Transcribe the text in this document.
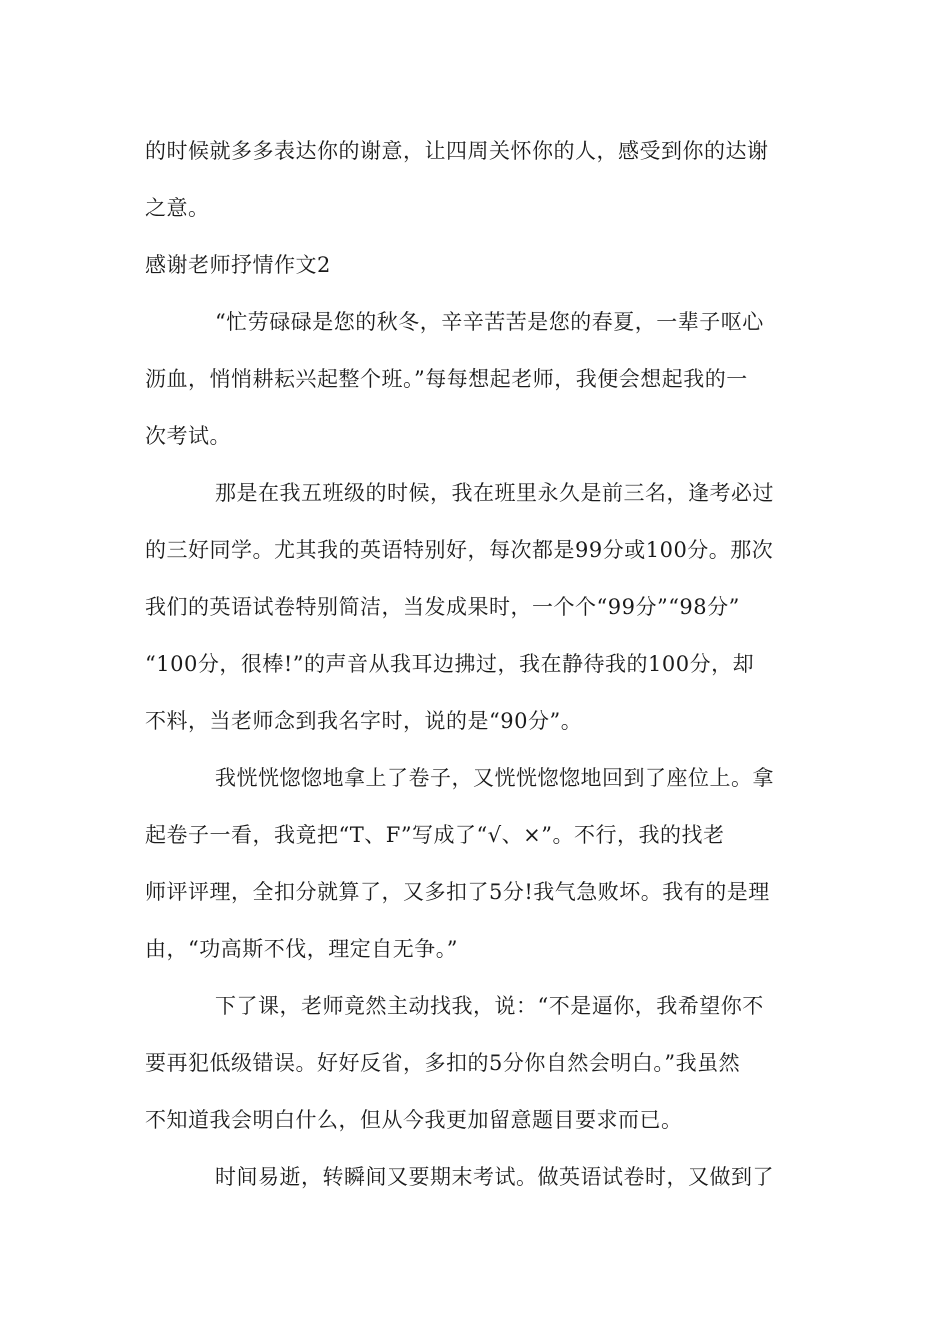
的时候就多多表达你的谢意，让四周关怀你的人，感受到你的达谢
之意。
感谢老师抒情作文2
“忙劳碌碌是您的秋冬，辛辛苦苦是您的春夏，一辈子呕心
沥血，悄悄耕耘兴起整个班。”每每想起老师，我便会想起我的一
次考试。
那是在我五班级的时候，我在班里永久是前三名，逢考必过
的三好同学。尤其我的英语特别好，每次都是99分或100分。那次
我们的英语试卷特别简洁，当发成果时，一个个“99分”“98分”
“100分，很棒!”的声音从我耳边拂过，我在静待我的100分，却
不料，当老师念到我名字时，说的是“90分”。
我恍恍惚惚地拿上了卷子，又恍恍惚惚地回到了座位上。拿
起卷子一看，我竟把“T、F”写成了“√、×”。不行，我的找老
师评评理，全扣分就算了，又多扣了5分!我气急败坏。我有的是理
由，“功高斯不伐，理定自无争。”
下了课，老师竟然主动找我，说：“不是逼你，我希望你不
要再犯低级错误。好好反省，多扣的5分你自然会明白。”我虽然
不知道我会明白什么，但从今我更加留意题目要求而已。
时间易逝，转瞬间又要期末考试。做英语试卷时，又做到了
